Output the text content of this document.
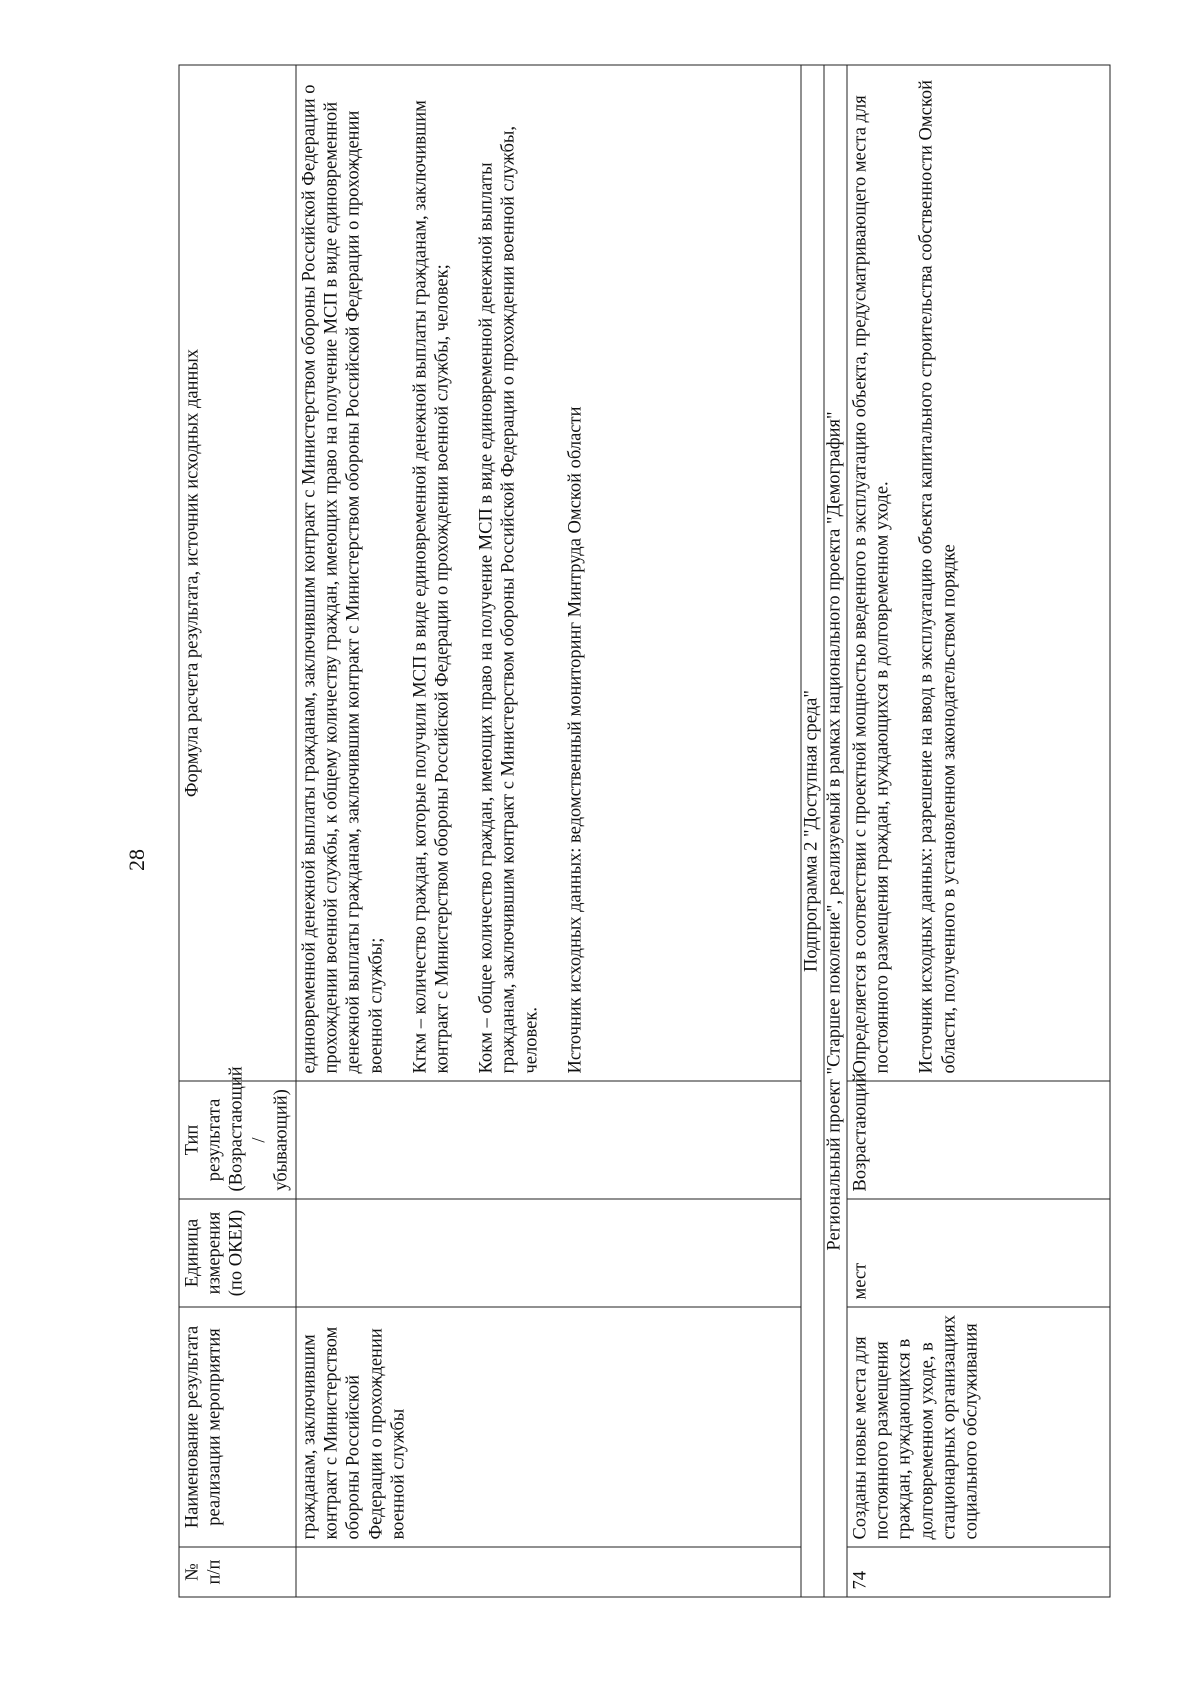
28
№ п/п	Наименование результата реализации мероприятия	Единица измерения (по ОКЕИ)	Тип результата (Возрастающий /убывающий)	Формула расчета результата, источник исходных данных
	гражданам, заключившим контракт с Министерством обороны Российской Федерации о прохождении военной службы			единовременной денежной выплаты гражданам, заключившим контракт с Министерством обороны Российской Федерации о прохождении военной службы, к общему количеству граждан, имеющих право на получение МСП в виде единовременной денежной выплаты гражданам, заключившим контракт с Министерством обороны Российской Федерации о прохождении военной службы; Кгкм – количество граждан, которые получили МСП в виде единовременной денежной выплаты гражданам, заключившим контракт с Министерством обороны Российской Федерации о прохождении военной службы, человек; Кокм – общее количество граждан, имеющих право на получение МСП в виде единовременной денежной выплаты гражданам, заключившим контракт с Министерством обороны Российской Федерации о прохождении военной службы, человек. Источник исходных данных: ведомственный мониторинг Минтруда Омской области

Подпрограмма 2 "Доступная среда"				
Региональный проект "Старшее поколение", реализуемый в рамках национального проекта "Демография"				
74	Созданы новые места для постоянного размещения граждан, нуждающихся в долговременном уходе, в стационарных организациях социального обслуживания	мест	Возрастающий	Определяется в соответствии с проектной мощностью введенного в эксплуатацию объекта, предусматривающего места для постоянного размещения граждан, нуждающихся в долговременном уходе. Источник исходных данных: разрешение на ввод в эксплуатацию объекта капитального строительства собственности Омской области, полученного в установленном законодательством порядке
